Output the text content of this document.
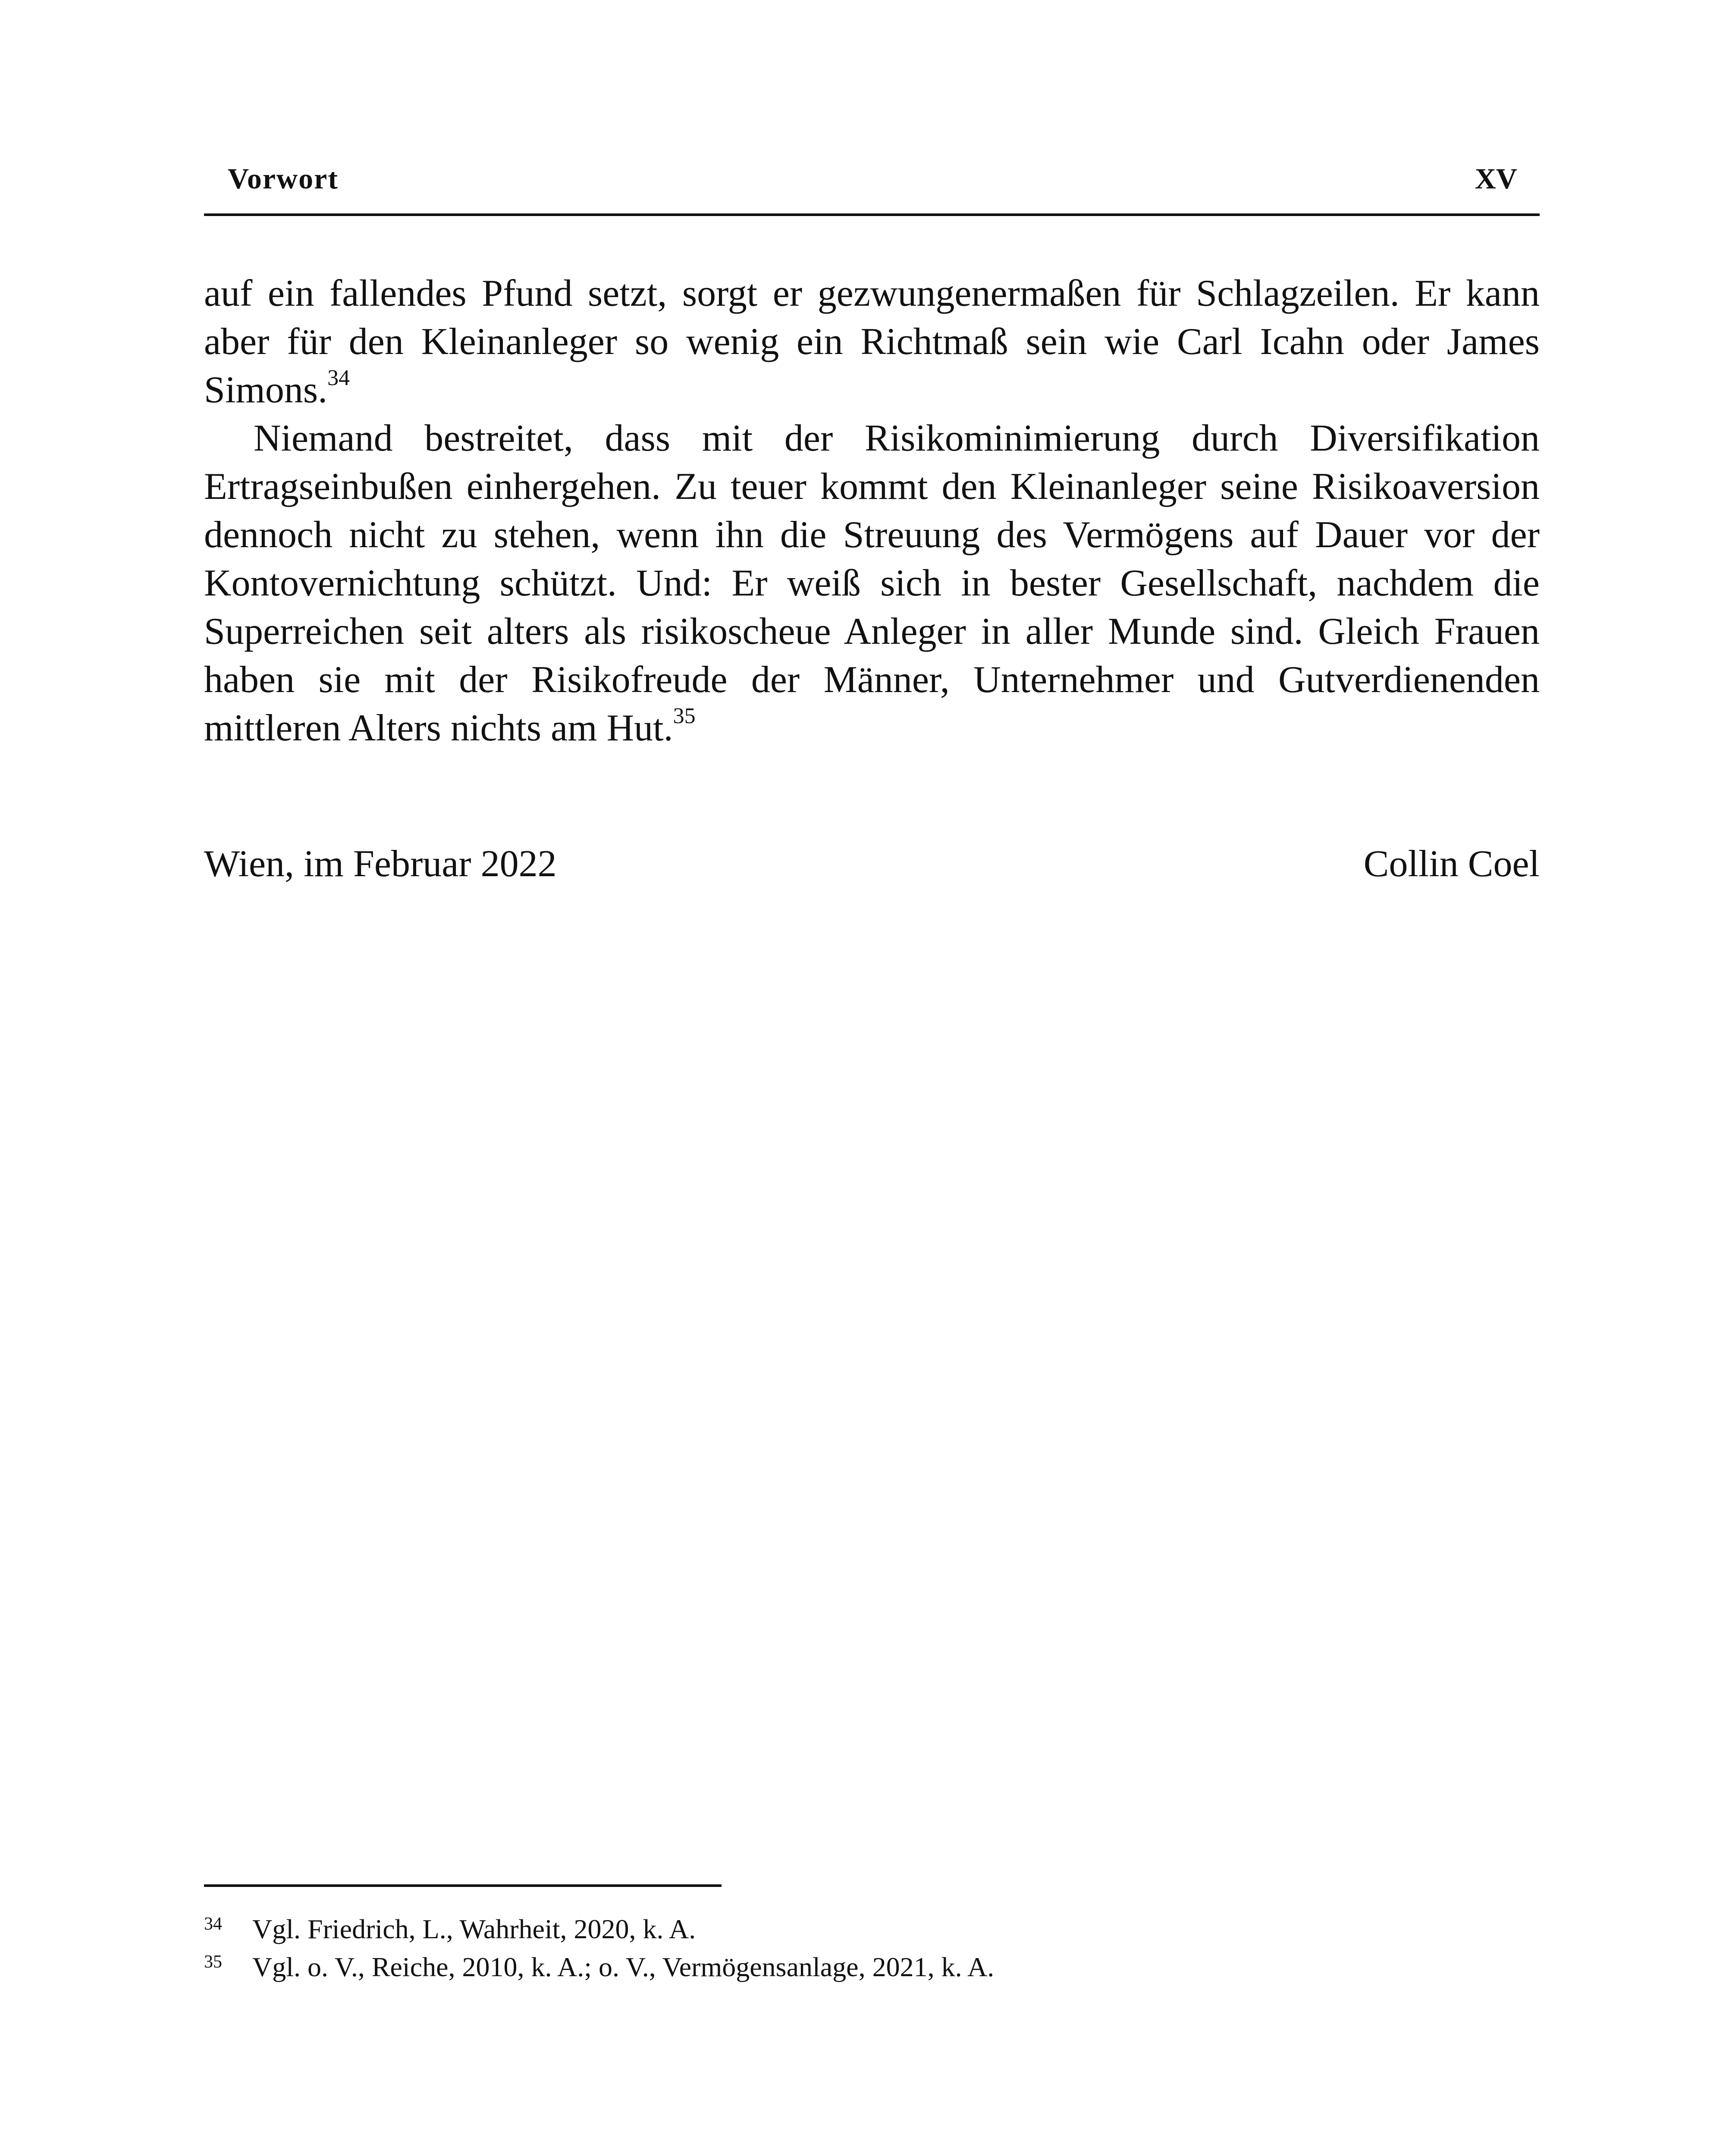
Vorwort	XV

auf ein fallendes Pfund setzt, sorgt er gezwungenermaßen für Schlagzeilen. Er kann aber für den Kleinanleger so wenig ein Richtmaß sein wie Carl Icahn oder James Simons.$^{34}$

Niemand bestreitet, dass mit der Risikominimierung durch Diversifikation Ertragseinbußen einhergehen. Zu teuer kommt den Kleinanleger seine Risikoaversion dennoch nicht zu stehen, wenn ihn die Streuung des Vermögens auf Dauer vor der Kontovernichtung schützt. Und: Er weiß sich in bester Gesellschaft, nachdem die Superreichen seit alters als risikoscheue Anleger in aller Munde sind. Gleich Frauen haben sie mit der Risikofreude der Männer, Unternehmer und Gutverdienenden mittleren Alters nichts am Hut.$^{35}$

Wien, im Februar 2022	Collin Coel
34 Vgl. Friedrich, L., Wahrheit, 2020, k. A.
35 Vgl. o. V., Reiche, 2010, k. A.; o. V., Vermögensanlage, 2021, k. A.
